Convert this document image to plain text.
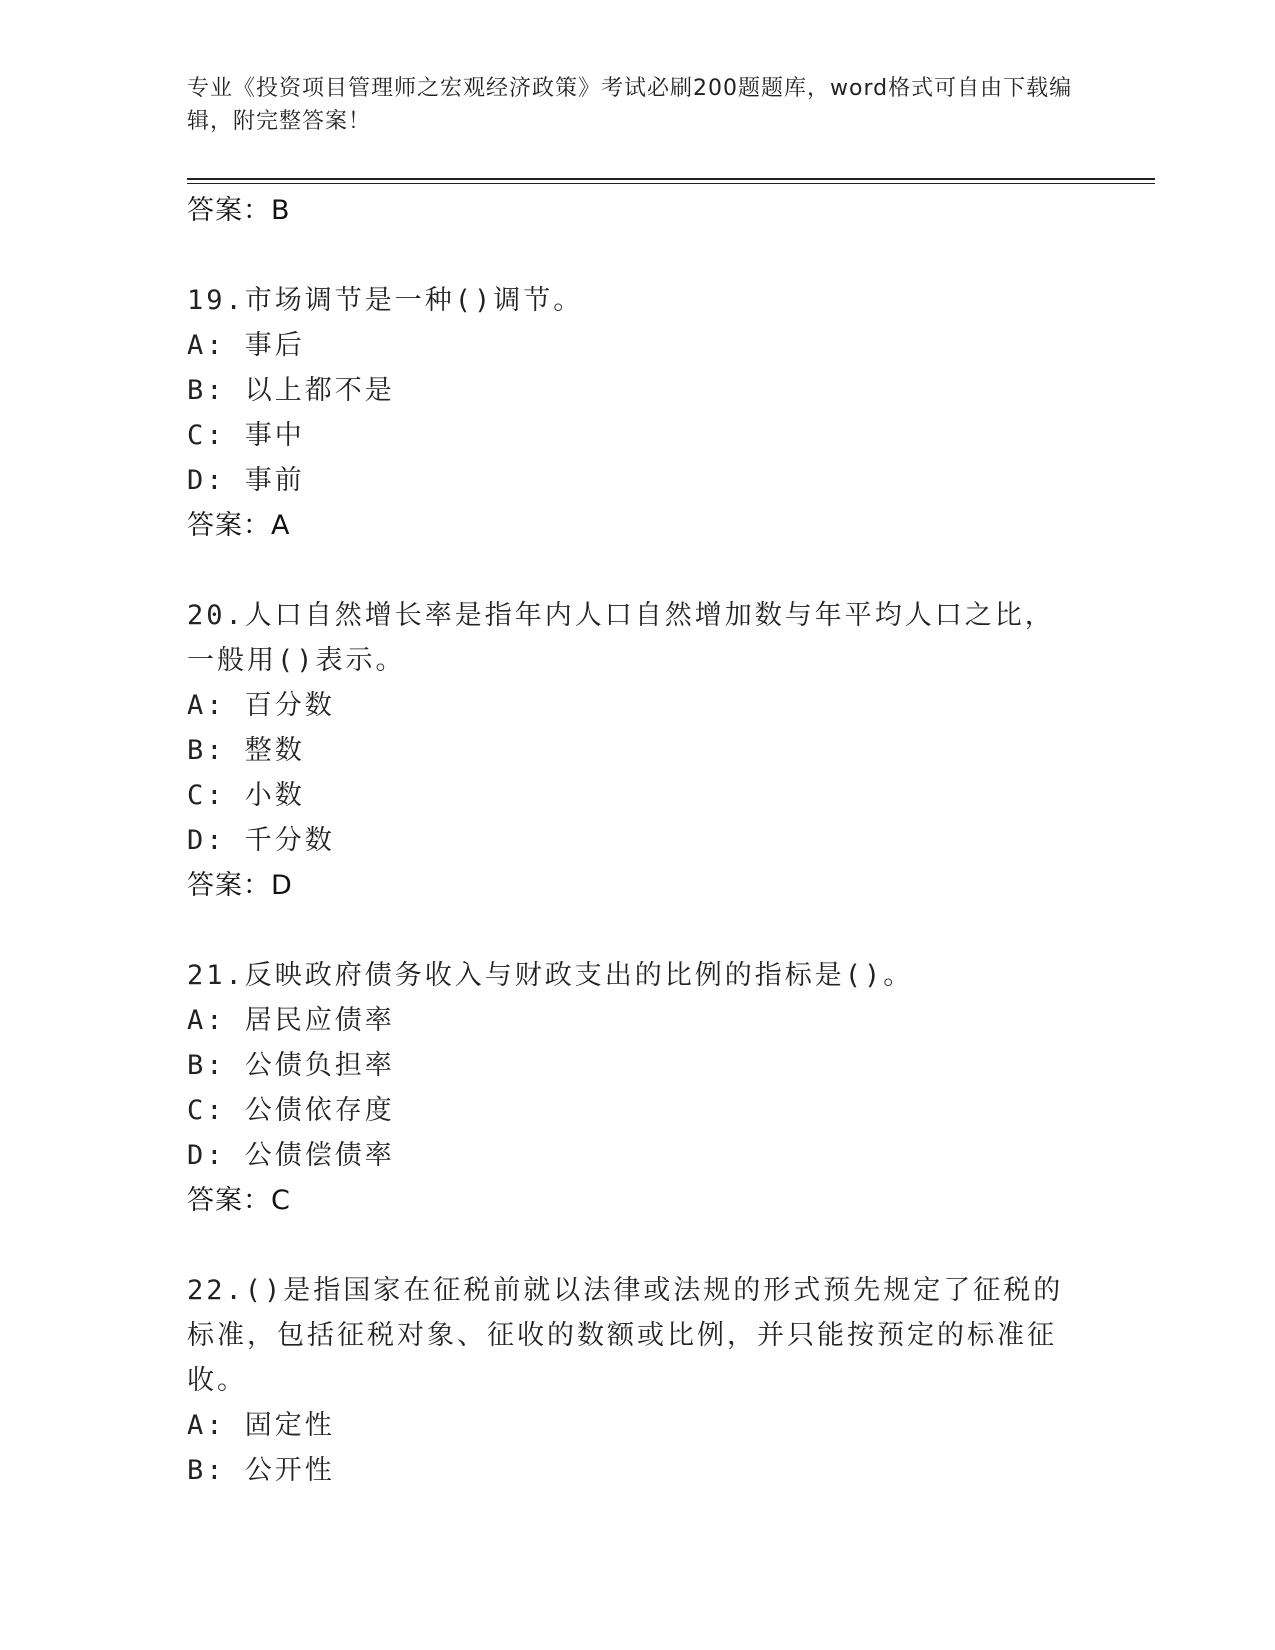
专业《投资项目管理师之宏观经济政策》考试必刷200题题库，word格式可自由下载编辑，附完整答案！
答案：B
19.市场调节是一种()调节。
A: 事后
B: 以上都不是
C: 事中
D: 事前
答案：A
20.人口自然增长率是指年内人口自然增加数与年平均人口之比，一般用()表示。
A: 百分数
B: 整数
C: 小数
D: 千分数
答案：D
21.反映政府债务收入与财政支出的比例的指标是()。
A: 居民应债率
B: 公债负担率
C: 公债依存度
D: 公债偿债率
答案：C
22.()是指国家在征税前就以法律或法规的形式预先规定了征税的标准，包括征税对象、征收的数额或比例，并只能按预定的标准征收。
A: 固定性
B: 公开性
